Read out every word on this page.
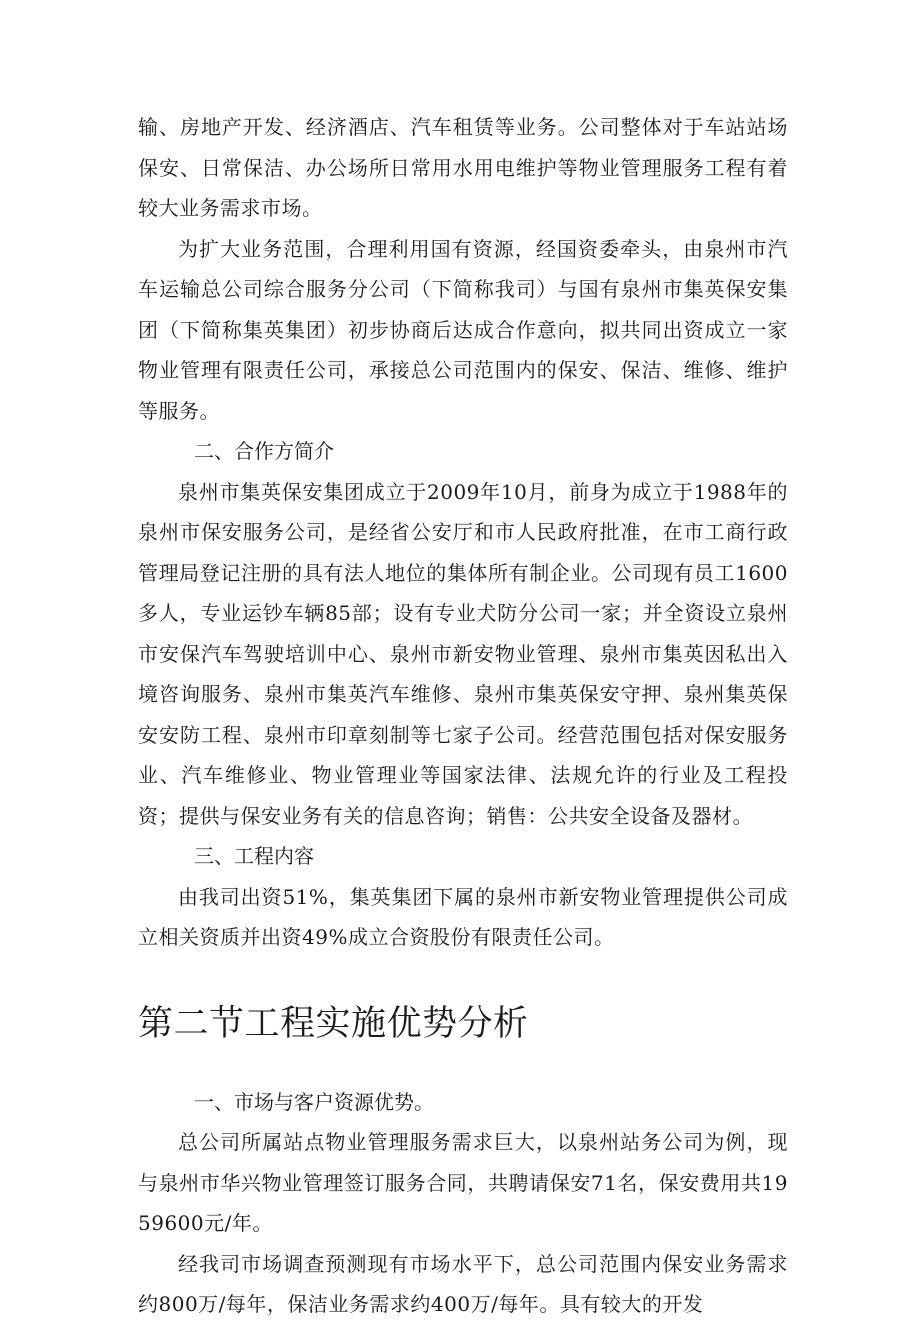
输、房地产开发、经济酒店、汽车租赁等业务。公司整体对于车站站场保安、日常保洁、办公场所日常用水用电维护等物业管理服务工程有着较大业务需求市场。

为扩大业务范围，合理利用国有资源，经国资委牵头，由泉州市汽车运输总公司综合服务分公司（下简称我司）与国有泉州市集英保安集团（下简称集英集团）初步协商后达成合作意向，拟共同出资成立一家物业管理有限责任公司，承接总公司范围内的保安、保洁、维修、维护等服务。

二、合作方简介

泉州市集英保安集团成立于2009年10月，前身为成立于1988年的泉州市保安服务公司，是经省公安厅和市人民政府批准，在市工商行政管理局登记注册的具有法人地位的集体所有制企业。公司现有员工1600多人，专业运钞车辆85部；设有专业犬防分公司一家；并全资设立泉州市安保汽车驾驶培训中心、泉州市新安物业管理、泉州市集英因私出入境咨询服务、泉州市集英汽车维修、泉州市集英保安守押、泉州集英保安安防工程、泉州市印章刻制等七家子公司。经营范围包括对保安服务业、汽车维修业、物业管理业等国家法律、法规允许的行业及工程投资；提供与保安业务有关的信息咨询；销售：公共安全设备及器材。

三、工程内容

由我司出资51%，集英集团下属的泉州市新安物业管理提供公司成立相关资质并出资49%成立合资股份有限责任公司。

第二节工程实施优势分析
一、市场与客户资源优势。

总公司所属站点物业管理服务需求巨大，以泉州站务公司为例，现与泉州市华兴物业管理签订服务合同，共聘请保安71名，保安费用共1959600元/年。

经我司市场调查预测现有市场水平下，总公司范围内保安业务需求约800万/每年，保洁业务需求约400万/每年。具有较大的开发
